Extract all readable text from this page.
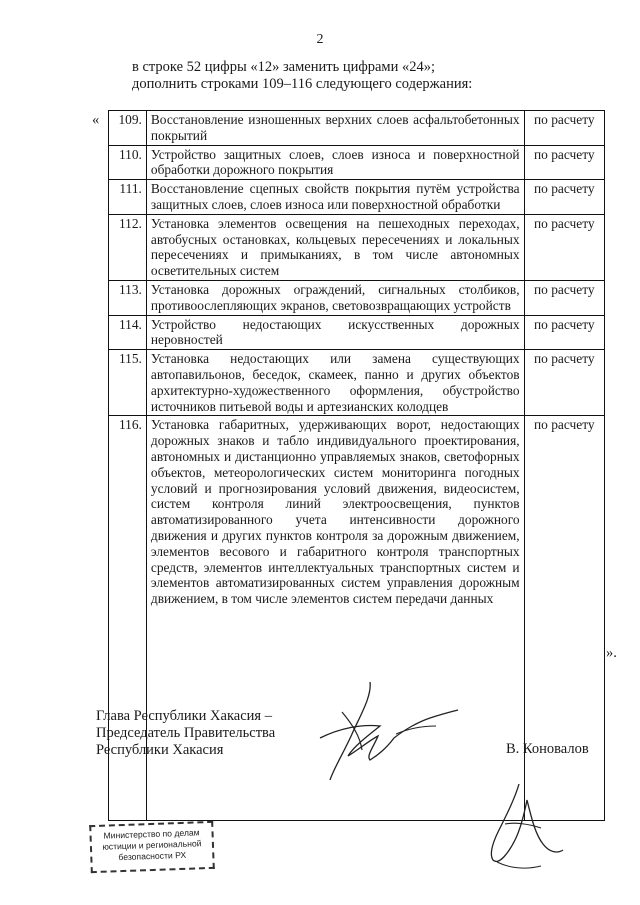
2
в строке 52 цифры «12» заменить цифрами «24»;
дополнить строками 109–116 следующего содержания:
« 109.	Восстановление изношенных верхних слоев асфальтобетонных покрытий	по расчету
110.	Устройство защитных слоев, слоев износа и поверхностной обработки дорожного покрытия	по расчету
111.	Восстановление сцепных свойств покрытия путём устройства защитных слоев, слоев износа или поверхностной обработки	по расчету
112.	Установка элементов освещения на пешеходных переходах, автобусных остановках, кольцевых пересечениях и локальных пересечениях и примыканиях, в том числе автономных осветительных систем	по расчету
113.	Установка дорожных ограждений, сигнальных столбиков, противоослепляющих экранов, световозвращающих устройств	по расчету
114.	Устройство недостающих искусственных дорожных неровностей	по расчету
115.	Установка недостающих или замена существующих автопавильонов, беседок, скамеек, панно и других объектов архитектурно-художественного оформления, обустройство источников питьевой воды и артезианских колодцев	по расчету
116.	Установка габаритных, удерживающих ворот, недостающих дорожных знаков и табло индивидуального проектирования, автономных и дистанционно управляемых знаков, светофорных объектов, метеорологических систем мониторинга погодных условий и прогнозирования условий движения, видеосистем, систем контроля линий электроосвещения, пунктов автоматизированного учета интенсивности дорожного движения и других пунктов контроля за дорожным движением, элементов весового и габаритного контроля транспортных средств, элементов интеллектуальных транспортных систем и элементов автоматизированных систем управления дорожным движением, в том числе элементов систем передачи данных	по расчету
».
Глава Республики Хакасия –
Председатель Правительства
Республики Хакасия	В. Коновалов
Министерство по делам
юстиции и региональной
безопасности РХ
